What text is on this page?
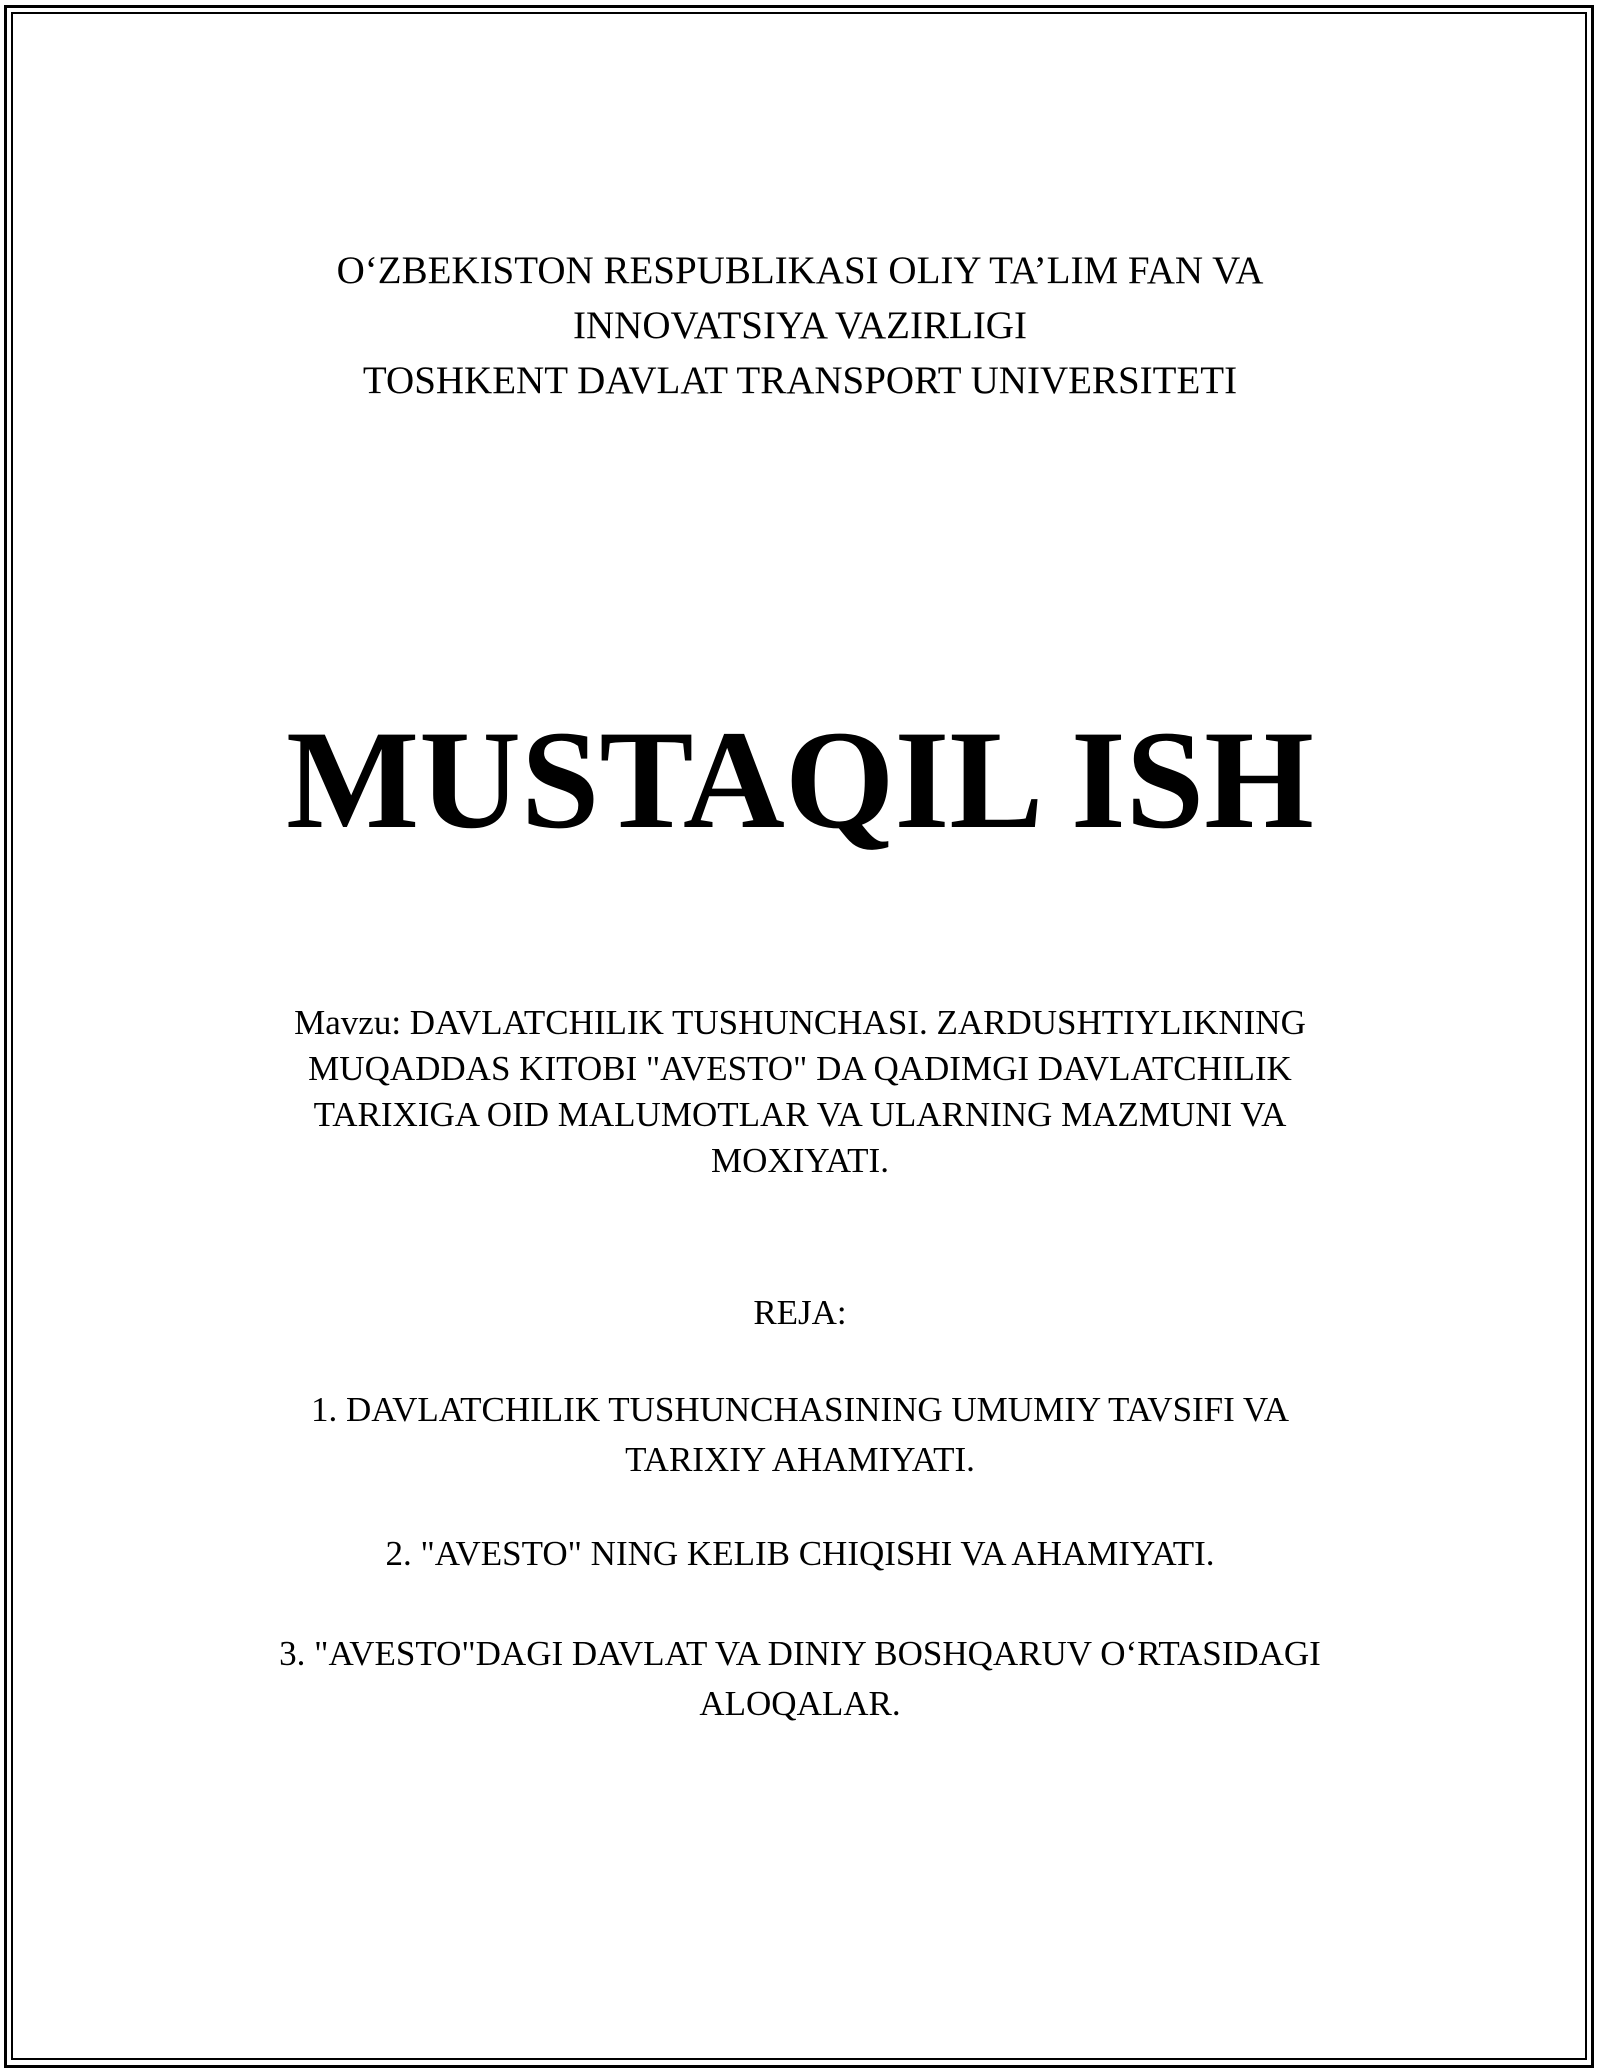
O‘ZBEKISTON RESPUBLIKASI OLIY TA’LIM FAN VA
INNOVATSIYA VAZIRLIGI
TOSHKENT DAVLAT TRANSPORT UNIVERSITETI
MUSTAQIL ISH
Mavzu: DAVLATCHILIK TUSHUNCHASI. ZARDUSHTIYLIKNING
MUQADDAS KITOBI "AVESTO" DA QADIMGI DAVLATCHILIK
TARIXIGA OID MALUMOTLAR VA ULARNING MAZMUNI VA
MOXIYATI.
REJA:
1. DAVLATCHILIK TUSHUNCHASINING UMUMIY TAVSIFI VA
TARIXIY AHAMIYATI.
2. "AVESTO" NING KELIB CHIQISHI VA AHAMIYATI.
3. "AVESTO"DAGI DAVLAT VA DINIY BOSHQARUV O‘RTASIDAGI
ALOQALAR.
